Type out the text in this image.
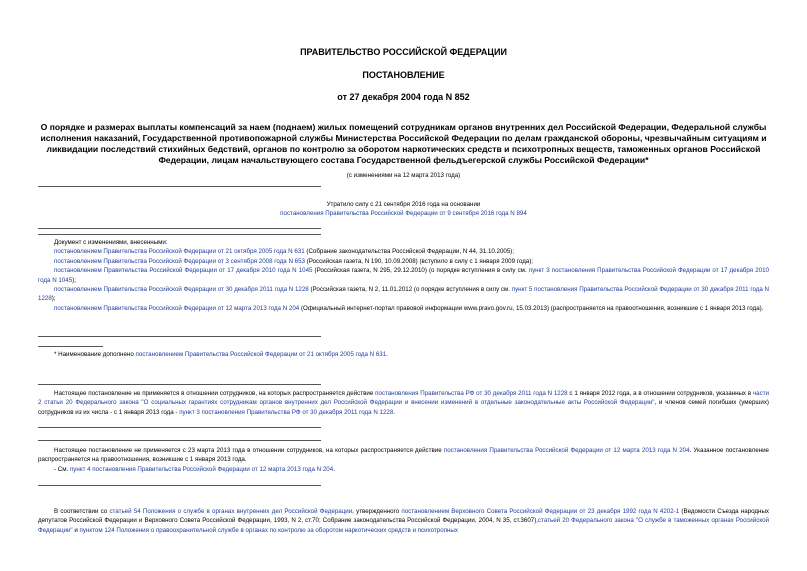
ПРАВИТЕЛЬСТВО РОССИЙСКОЙ ФЕДЕРАЦИИ
ПОСТАНОВЛЕНИЕ
от 27 декабря 2004 года N 852
О порядке и размерах выплаты компенсаций за наем (поднаем) жилых помещений сотрудникам органов внутренних дел Российской Федерации, Федеральной службы исполнения наказаний, Государственной противопожарной службы Министерства Российской Федерации по делам гражданской обороны, чрезвычайным ситуациям и ликвидации последствий стихийных бедствий, органов по контролю за оборотом наркотических средств и психотропных веществ, таможенных органов Российской Федерации, лицам начальствующего состава Государственной фельдъегерской службы Российской Федерации*
(с изменениями на 12 марта 2013 года)
Утратило силу с 21 сентября 2016 года на основании
постановления Правительства Российской Федерации от 9 сентября 2016 года N 894
Документ с изменениями, внесенными:
постановлением Правительства Российской Федерации от 21 октября 2005 года N 631 (Собрание законодательства Российской Федерации, N 44, 31.10.2005);
постановлением Правительства Российской Федерации от 3 сентября 2008 года N 653 (Российская газета, N 190, 10.09.2008) (вступило в силу с 1 января 2009 года);
постановлением Правительства Российской Федерации от 17 декабря 2010 года N 1045 (Российская газета, N 295, 29.12.2010) (о порядке вступления в силу см. пункт 3 постановления Правительства Российской Федерации от 17 декабря 2010 года N 1045);
постановлением Правительства Российской Федерации от 30 декабря 2011 года N 1228 (Российская газета, N 2, 11.01.2012 (о порядке вступления в силу см. пункт 5 постановления Правительства Российской Федерации от 30 декабря 2011 года N 1228);
постановлением Правительства Российской Федерации от 12 марта 2013 года N 204 (Официальный интернет-портал правовой информации www.pravo.gov.ru, 15.03.2013) (распространяется на правоотношения, возникшие с 1 января 2013 года).
* Наименование дополнено постановлением Правительства Российской Федерации от 21 октября 2005 года N 631.
Настоящее постановление не применяется в отношении сотрудников, на которых распространяется действие постановления Правительства РФ от 30 декабря 2011 года N 1228 с 1 января 2012 года, а в отношении сотрудников, указанных в части 2 статьи 20 Федерального закона "О социальных гарантиях сотрудникам органов внутренних дел Российской Федерации и внесении изменений в отдельные законодательные акты Российской Федерации", и членов семей погибших (умерших) сотрудников из их числа - с 1 января 2013 года - пункт 3 постановления Правительства РФ от 30 декабря 2011 года N 1228.
Настоящее постановление не применяется с 23 марта 2013 года в отношении сотрудников, на которых распространяется действие постановления Правительства Российской Федерации от 12 марта 2013 года N 204. Указанное постановление распространяется на правоотношения, возникшие с 1 января 2013 года.
- См. пункт 4 постановления Правительства Российской Федерации от 12 марта 2013 года N 204.
В соответствии со статьей 54 Положения о службе в органах внутренних дел Российской Федерации, утвержденного постановлением Верховного Совета Российской Федерации от 23 декабря 1992 года N 4202-1 (Ведомости Съезда народных депутатов Российской Федерации и Верховного Совета Российской Федерации, 1993, N 2, ст.70; Собрание законодательства Российской Федерации, 2004, N 35, ст.3607),статьей 20 Федерального закона "О службе в таможенных органах Российской Федерации" и пунктом 124 Положения о правоохранительной службе в органах по контролю за оборотом наркотических средств и психотропных
